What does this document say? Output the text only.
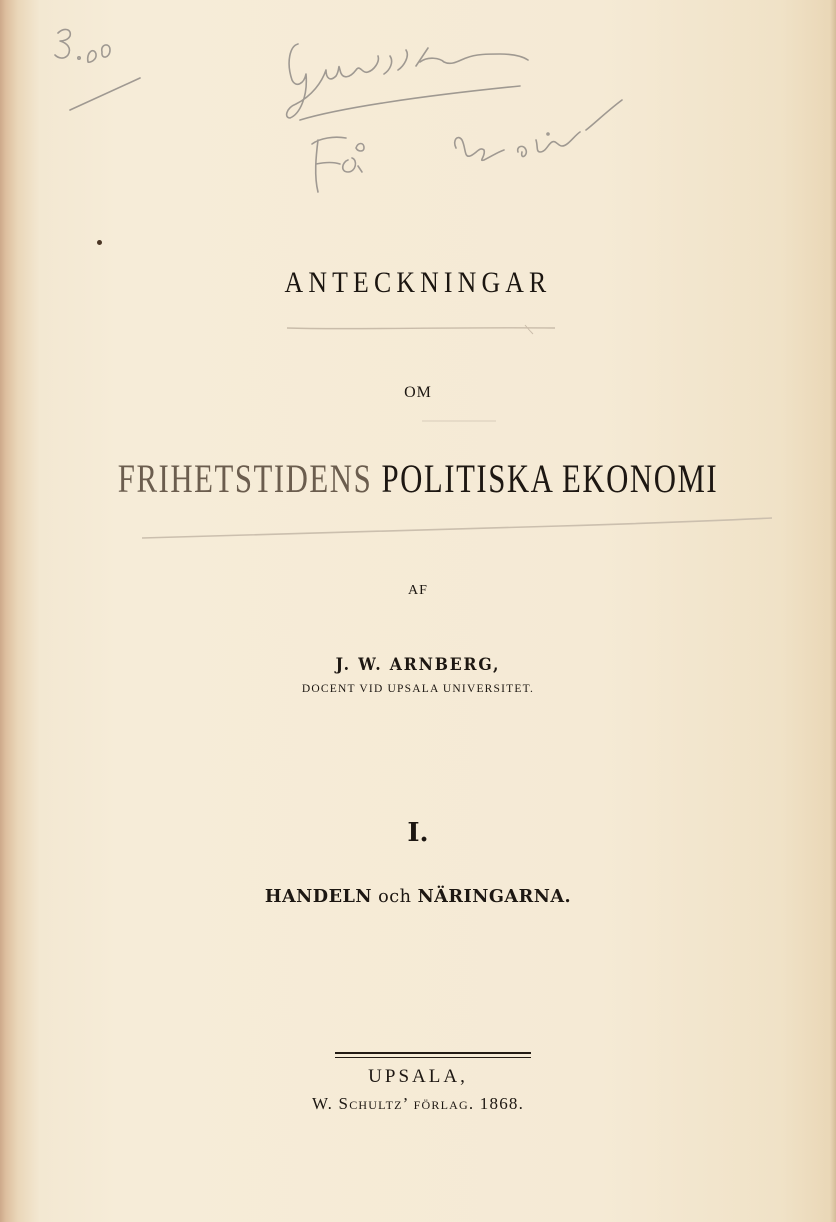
ANTECKNINGAR
OM
FRIHETSTIDENS POLITISKA EKONOMI
AF
J. W. ARNBERG,
DOCENT VID UPSALA UNIVERSITET.
I.
HANDELN och NÄRINGARNA.
UPSALA,
W. Schultz’ förlag. 1868.
